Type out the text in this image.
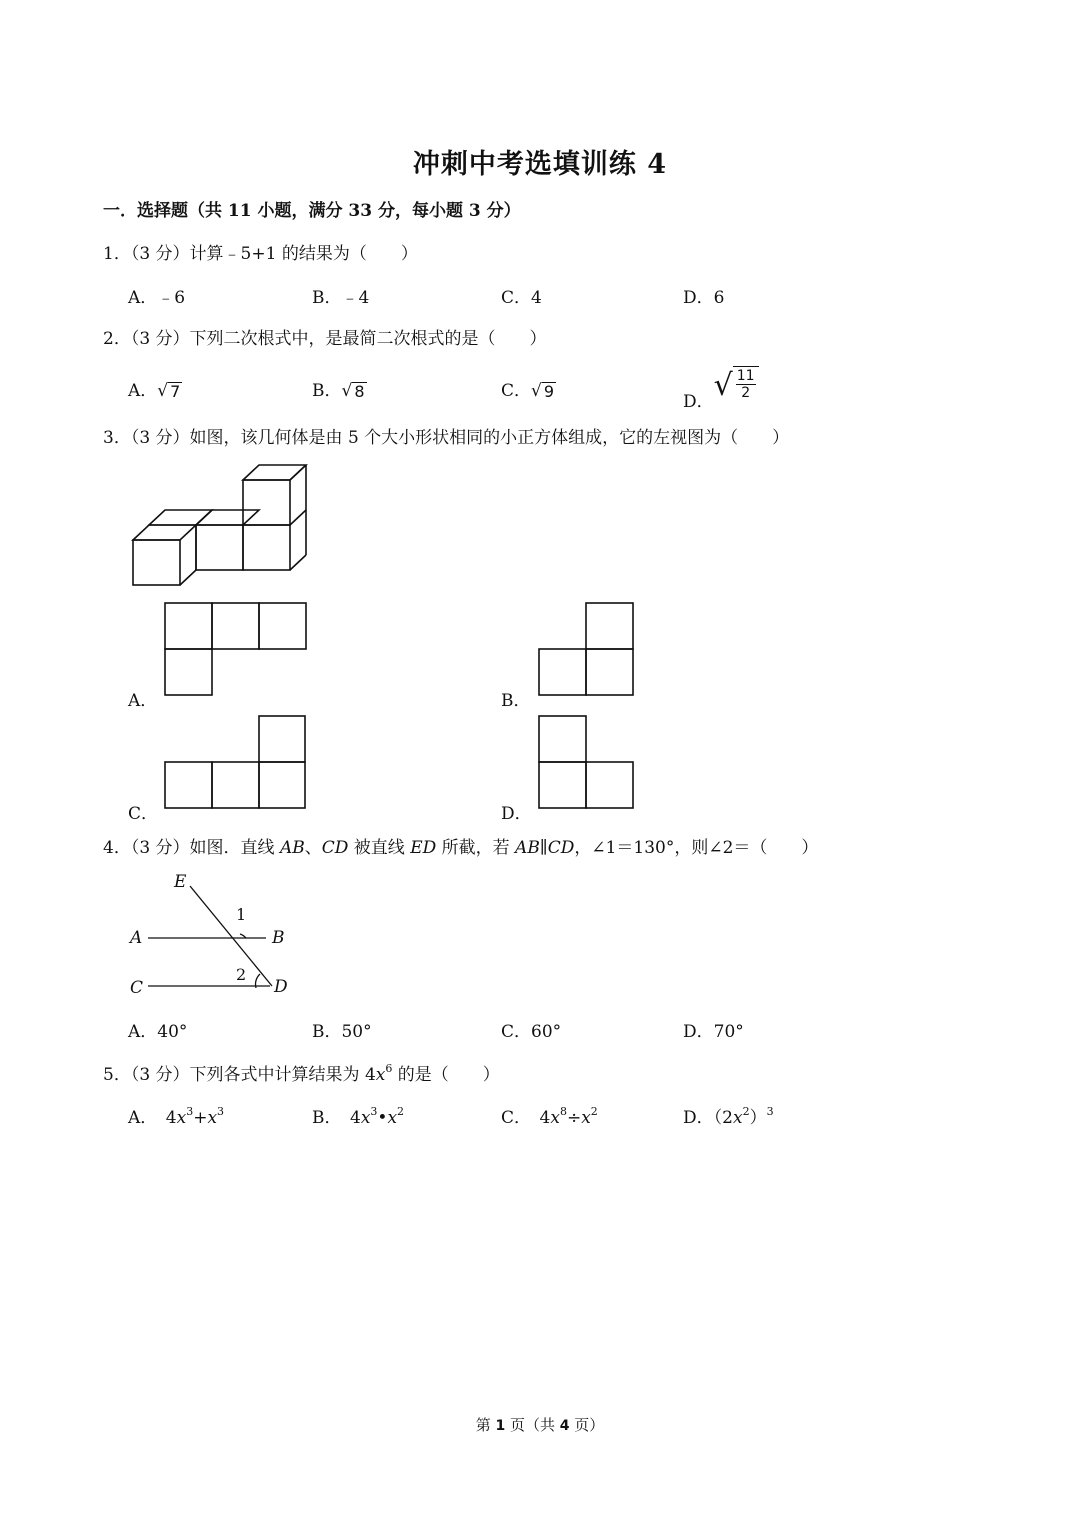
冲刺中考选填训练 4
一．选择题（共 11 小题，满分 33 分，每小题 3 分）
1．（3 分）计算﹣5+1 的结果为（　　）
A．﹣6	B．﹣4	C．4	D．6
2．（3 分）下列二次根式中，是最简二次根式的是（　　）
A． √ 7	B． √ 8	C． √ 9
D． √ $\frac{11}{2}$
3．（3 分）如图，该几何体是由 5 个大小形状相同的小正方体组成，它的左视图为（　　）
A．	B．
C．	D．
4．（3 分）如图．直线 AB、CD 被直线 ED 所截，若 AB∥CD，∠1＝130°，则∠2＝（　　）
E
1
A	B
2
C	D
A．40°	B．50°	C．60°	D．70°
5．（3 分）下列各式中计算结果为 $4x^6$ 的是（　　）
A．  $4x^3+x^3$	B．  $4x^3•x^2$	C．  $4x^8\div x^2$	D．$(2x^2)^3$
第 1 页（共 4 页）
